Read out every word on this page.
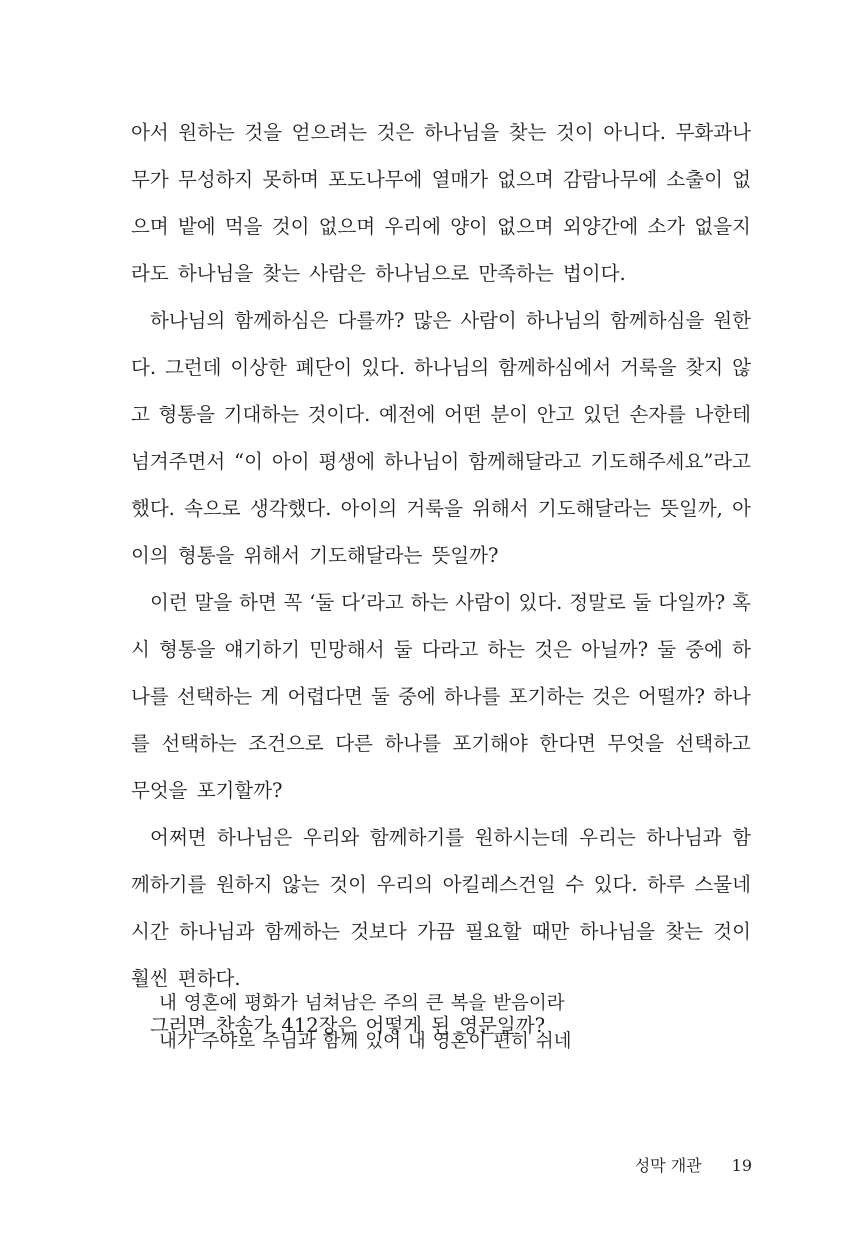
아서 원하는 것을 얻으려는 것은 하나님을 찾는 것이 아니다. 무화과나
무가 무성하지 못하며 포도나무에 열매가 없으며 감람나무에 소출이 없
으며 밭에 먹을 것이 없으며 우리에 양이 없으며 외양간에 소가 없을지
라도 하나님을 찾는 사람은 하나님으로 만족하는 법이다.
하나님의 함께하심은 다를까? 많은 사람이 하나님의 함께하심을 원한
다. 그런데 이상한 폐단이 있다. 하나님의 함께하심에서 거룩을 찾지 않
고 형통을 기대하는 것이다. 예전에 어떤 분이 안고 있던 손자를 나한테
넘겨주면서 “이 아이 평생에 하나님이 함께해달라고 기도해주세요”라고
했다. 속으로 생각했다. 아이의 거룩을 위해서 기도해달라는 뜻일까, 아
이의 형통을 위해서 기도해달라는 뜻일까?
이런 말을 하면 꼭 ‘둘 다’라고 하는 사람이 있다. 정말로 둘 다일까? 혹
시 형통을 얘기하기 민망해서 둘 다라고 하는 것은 아닐까? 둘 중에 하
나를 선택하는 게 어렵다면 둘 중에 하나를 포기하는 것은 어떨까? 하나
를 선택하는 조건으로 다른 하나를 포기해야 한다면 무엇을 선택하고
무엇을 포기할까?
어쩌면 하나님은 우리와 함께하기를 원하시는데 우리는 하나님과 함
께하기를 원하지 않는 것이 우리의 아킬레스건일 수 있다. 하루 스물네
시간 하나님과 함께하는 것보다 가끔 필요할 때만 하나님을 찾는 것이
훨씬 편하다.
그러면 찬송가 412장은 어떻게 된 영문일까?
내 영혼에 평화가 넘쳐남은 주의 큰 복을 받음이라
내가 주야로 주님과 함께 있어 내 영혼이 편히 쉬네
성막 개관 19
